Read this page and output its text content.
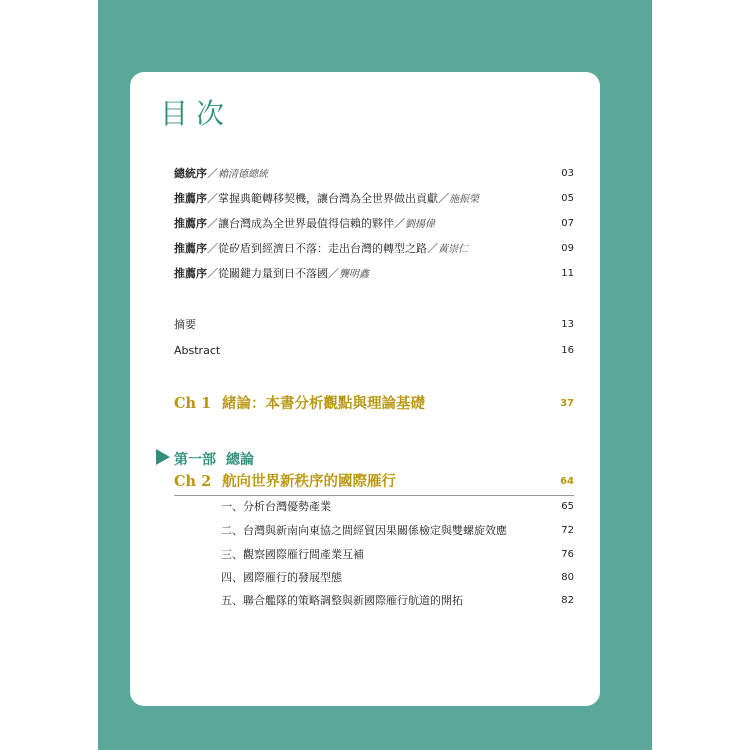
目次
總統序／賴清德總統	03
推薦序／掌握典範轉移契機，讓台灣為全世界做出貢獻／施振榮	05
推薦序／讓台灣成為全世界最值得信賴的夥伴／劉揚偉	07
推薦序／從矽盾到經濟日不落：走出台灣的轉型之路／黃崇仁	09
推薦序／從關鍵力量到日不落國／龔明鑫	11
摘要	13
Abstract	16
Ch 1 緒論：本書分析觀點與理論基礎	37
第一部 總論
Ch 2 航向世界新秩序的國際雁行	64
一、分析台灣優勢產業	65
二、台灣與新南向東協之間經貿因果關係檢定與雙螺旋效應	72
三、觀察國際雁行間產業互補	76
四、國際雁行的發展型態	80
五、聯合艦隊的策略調整與新國際雁行航道的開拓	82
